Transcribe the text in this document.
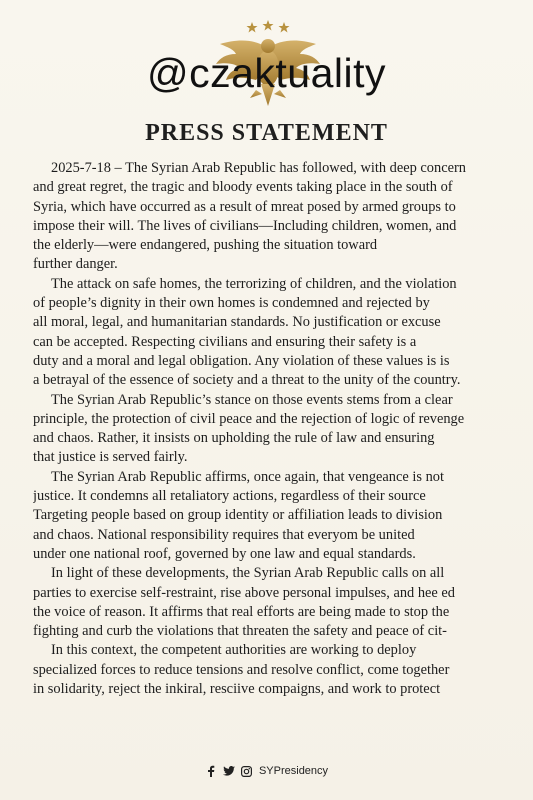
@czaktuality
PRESS STATEMENT
2025-7-18 – The Syrian Arab Republic has followed, with deep concern
and great regret, the tragic and bloody events taking place in the south of
Syria, which have occurred as a result of mreat posed by armed groups to
impose their will. The lives of civilians—Including children, women, and
the elderly—were endangered, pushing the situation toward
further danger.
The attack on safe homes, the terrorizing of children, and the violation
of people’s dignity in their own homes is condemned and rejected by
all moral, legal, and humanitarian standards. No justification or excuse
can be accepted. Respecting civilians and ensuring their safety is a
duty and a moral and legal obligation. Any violation of these values is is
a betrayal of the essence of society and a threat to the unity of the country.
The Syrian Arab Republic’s stance on those events stems from a clear
principle, the protection of civil peace and the rejection of logic of revenge
and chaos. Rather, it insists on upholding the rule of law and ensuring
that justice is served fairly.
The Syrian Arab Republic affirms, once again, that vengeance is not
justice. It condemns all retaliatory actions, regardless of their source
Targeting people based on group identity or affiliation leads to division
and chaos. National responsibility requires that everyom be united
under one national roof, governed by one law and equal standards.
In light of these developments, the Syrian Arab Republic calls on all
parties to exercise self-restraint, rise above personal impulses, and hee ed
the voice of reason. It affirms that real efforts are being made to stop the
fighting and curb the violations that threaten the safety and peace of cit-
In this context, the competent authorities are working to deploy
specialized forces to reduce tensions and resolve conflict, come together
in solidarity, reject the inkiral, resciive compaigns, and work to protect
SYPresidency
